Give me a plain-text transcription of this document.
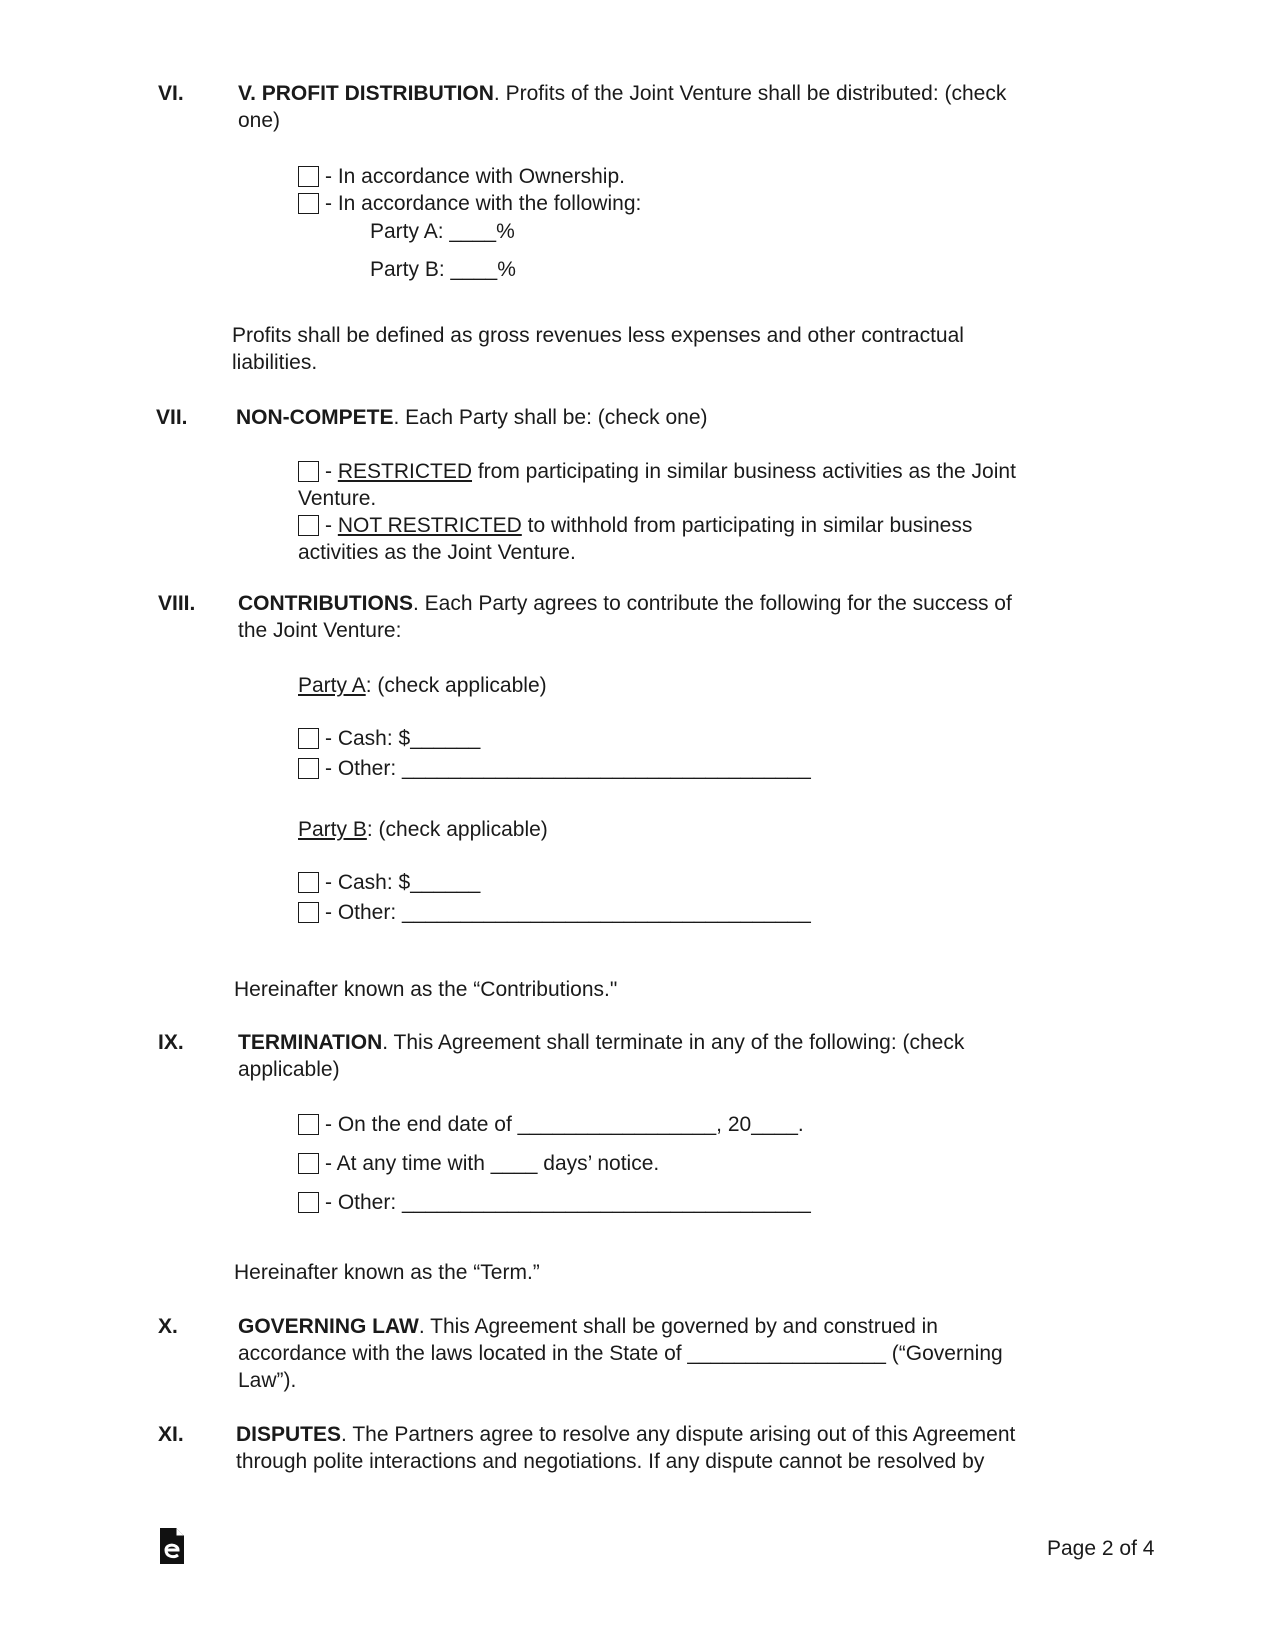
VI.	V. PROFIT DISTRIBUTION. Profits of the Joint Venture shall be distributed: (check
one)
- In accordance with Ownership.
- In accordance with the following:
Party A: ____%
Party B: ____%
Profits shall be defined as gross revenues less expenses and other contractual
liabilities.
VII. NON-COMPETE. Each Party shall be: (check one)
- RESTRICTED from participating in similar business activities as the Joint
Venture.
- NOT RESTRICTED to withhold from participating in similar business
activities as the Joint Venture.
VIII. CONTRIBUTIONS. Each Party agrees to contribute the following for the success of
the Joint Venture:
Party A: (check applicable)
- Cash: $______
- Other: ___________________________________
Party B: (check applicable)
- Cash: $______
- Other: ___________________________________
Hereinafter known as the “Contributions."
IX.	TERMINATION. This Agreement shall terminate in any of the following: (check
applicable)
- On the end date of _________________, 20____.
- At any time with ____ days’ notice.
- Other: ___________________________________
Hereinafter known as the “Term.”
X.	GOVERNING LAW. This Agreement shall be governed by and construed in
accordance with the laws located in the State of _________________ (“Governing
Law”).
XI. DISPUTES. The Partners agree to resolve any dispute arising out of this Agreement
through polite interactions and negotiations. If any dispute cannot be resolved by
Page 2 of 4
